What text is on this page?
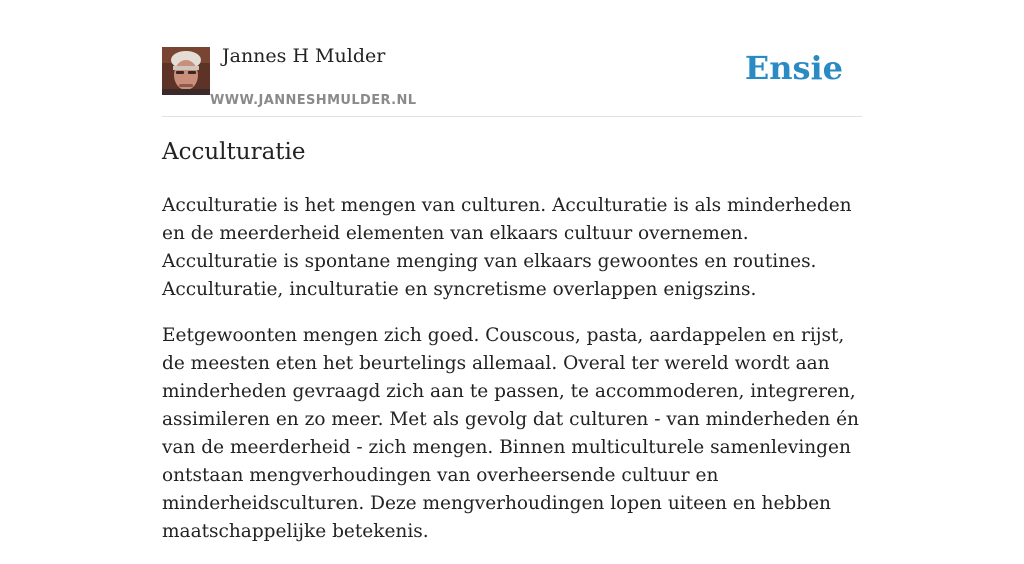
Jannes H Mulder
WWW.JANNESHMULDER.NL
Ensie
Acculturatie

Acculturatie is het mengen van culturen. Acculturatie is als minderheden en de meerderheid elementen van elkaars cultuur overnemen. Acculturatie is spontane menging van elkaars gewoontes en routines. Acculturatie, inculturatie en syncretisme overlappen enigszins.

Eetgewoonten mengen zich goed. Couscous, pasta, aardappelen en rijst, de meesten eten het beurtelings allemaal. Overal ter wereld wordt aan minderheden gevraagd zich aan te passen, te accommoderen, integreren, assimileren en zo meer. Met als gevolg dat culturen - van minderheden én van de meerderheid - zich mengen. Binnen multiculturele samenlevingen ontstaan mengverhoudingen van overheersende cultuur en minderheidsculturen. Deze mengverhoudingen lopen uiteen en hebben maatschappelijke betekenis.
